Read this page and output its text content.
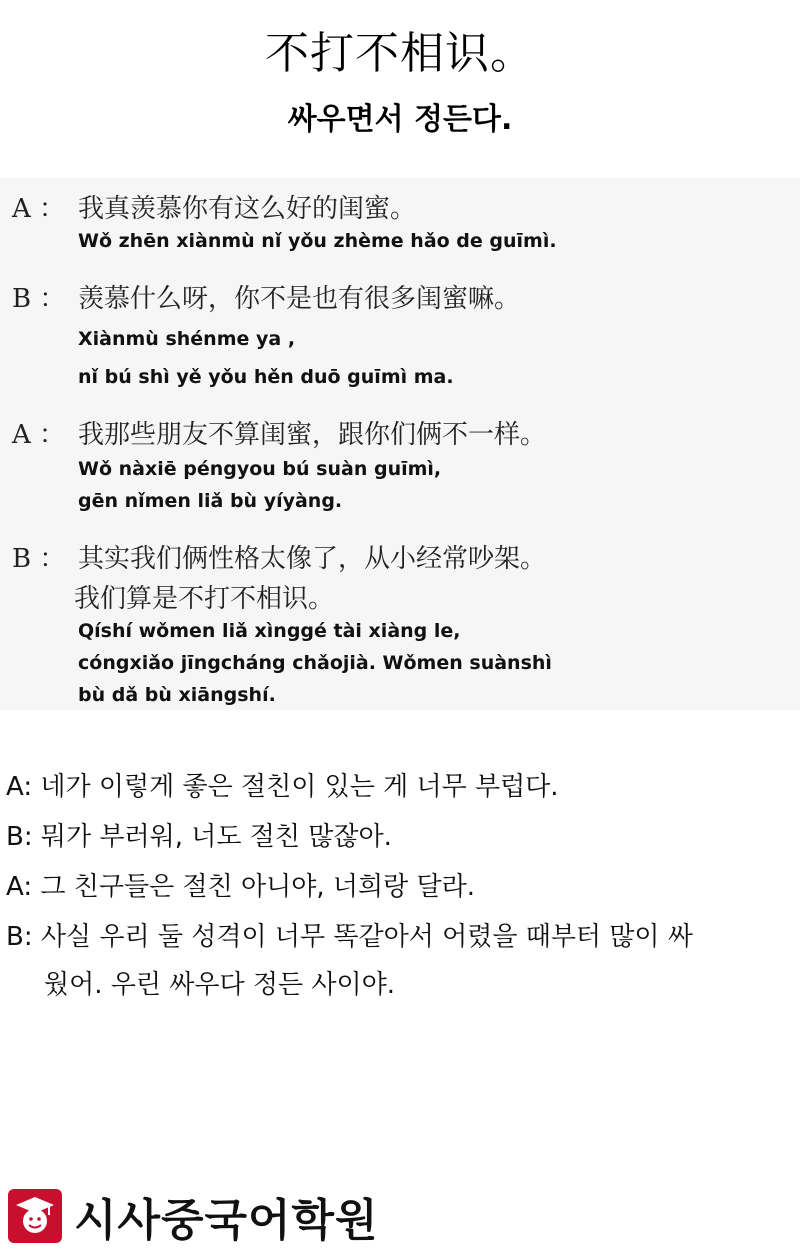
不打不相识。
싸우면서 정든다.
A ： 我真羡慕你有这么好的闺蜜。
Wǒ zhēn xiànmù nǐ yǒu zhème hǎo de guīmì.
B ： 羡慕什么呀，你不是也有很多闺蜜嘛。
Xiànmù shénme ya ,
nǐ bú shì yě yǒu hěn duō guīmì ma.
A ： 我那些朋友不算闺蜜，跟你们俩不一样。
Wǒ nàxiē péngyou bú suàn guīmì,
gēn nǐmen liǎ bù yíyàng.
B ： 其实我们俩性格太像了，从小经常吵架。
我们算是不打不相识。
Qíshí wǒmen liǎ xìnggé tài xiàng le,
cóngxiǎo jīngcháng chǎojià. Wǒmen suànshì
bù dǎ bù xiāngshí.
A: 네가 이렇게 좋은 절친이 있는 게 너무 부럽다.
B: 뭐가 부러워, 너도 절친 많잖아.
A: 그 친구들은 절친 아니야, 너희랑 달라.
B: 사실 우리 둘 성격이 너무 똑같아서 어렸을 때부터 많이 싸
웠어. 우린 싸우다 정든 사이야.
시사중국어학원
